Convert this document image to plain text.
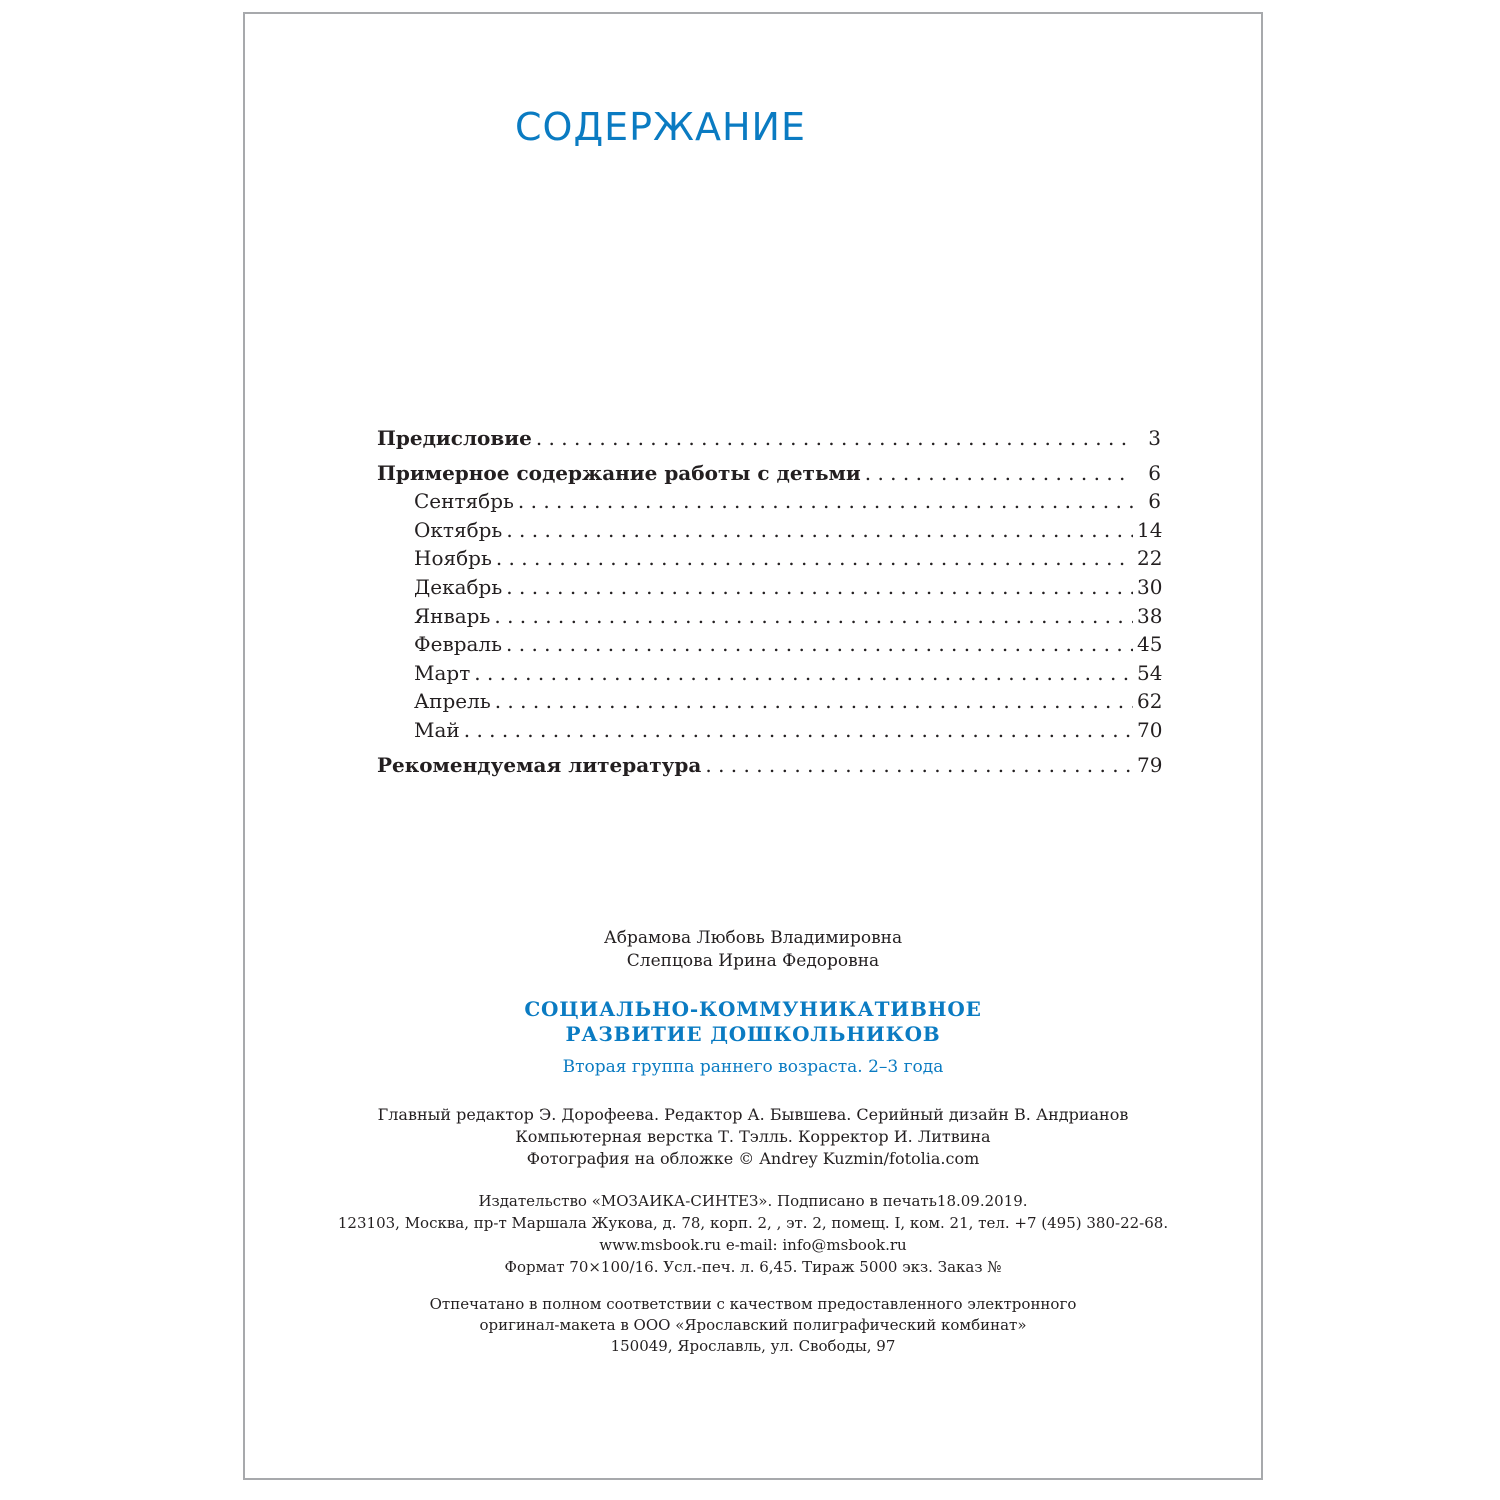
СОДЕРЖАНИЕ
Предисловие . . .	3
Примерное содержание работы с детьми . . .	6
Сентябрь . . .	6
Октябрь . . .	14
Ноябрь . . .	22
Декабрь . . .	30
Январь . . .	38
Февраль . . .	45
Март . . .	54
Апрель . . .	62
Май . . .	70
Рекомендуемая литература . . .	79
Абрамова Любовь Владимировна
Слепцова Ирина Федоровна
СОЦИАЛЬНО-КОММУНИКАТИВНОЕ
РАЗВИТИЕ ДОШКОЛЬНИКОВ
Вторая группа раннего возраста. 2–3 года
Главный редактор Э. Дорофеева. Редактор А. Бывшева. Серийный дизайн В. Андрианов
Компьютерная верстка Т. Тэлль. Корректор И. Литвина
Фотография на обложке © Andrey Kuzmin/fotolia.com
Издательство «МОЗАИКА-СИНТЕЗ». Подписано в печать18.09.2019.
123103, Москва, пр-т Маршала Жукова, д. 78, корп. 2, , эт. 2, помещ. I, ком. 21, тел. +7 (495) 380-22-68.
www.msbook.ru e-mail: info@msbook.ru
Формат 70×100/16. Усл.-печ. л. 6,45. Тираж 5000 экз. Заказ №
Отпечатано в полном соответствии с качеством предоставленного электронного
оригинал-макета в ООО «Ярославский полиграфический комбинат»
150049, Ярославль, ул. Свободы, 97
